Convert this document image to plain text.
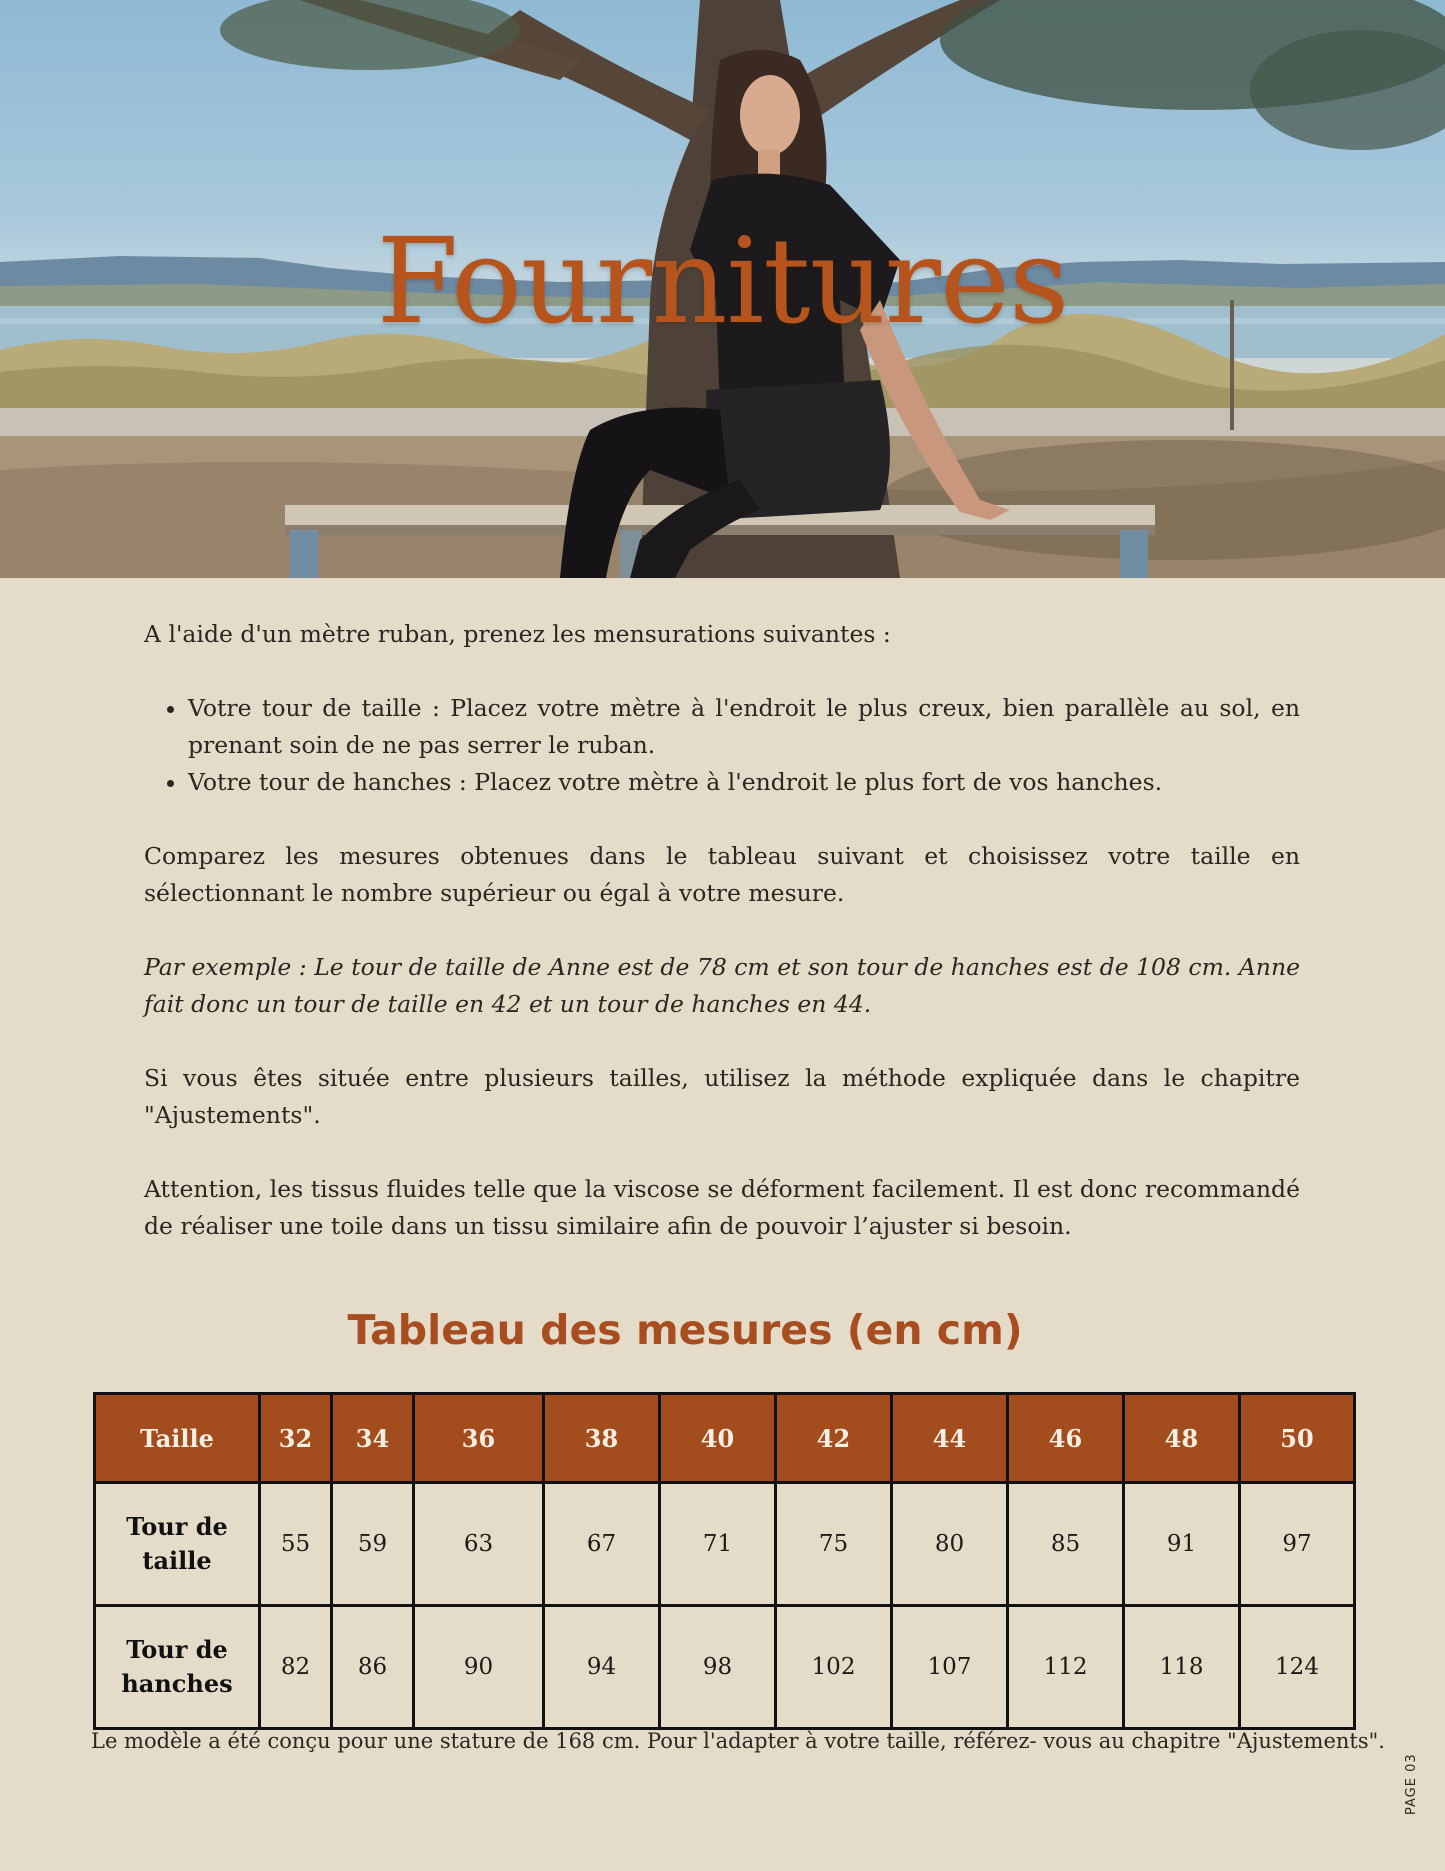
Fournitures

A l'aide d'un mètre ruban, prenez les mensurations suivantes :

• Votre tour de taille : Placez votre mètre à l'endroit le plus creux, bien parallèle au sol, en prenant soin de ne pas serrer le ruban.
• Votre tour de hanches : Placez votre mètre à l'endroit le plus fort de vos hanches.

Comparez les mesures obtenues dans le tableau suivant et choisissez votre taille en sélectionnant le nombre supérieur ou égal à votre mesure.

Par exemple : Le tour de taille de Anne est de 78 cm et son tour de hanches est de 108 cm. Anne fait donc un tour de taille en 42 et un tour de hanches en 44.

Si vous êtes située entre plusieurs tailles, utilisez la méthode expliquée dans le chapitre "Ajustements".

Attention, les tissus fluides telle que la viscose se déforment facilement. Il est donc recommandé de réaliser une toile dans un tissu similaire afin de pouvoir l’ajuster si besoin.

Tableau des mesures (en cm)
Taille	32	34	36	38	40	42	44	46	48	50
Tour de
taille	55	59	63	67	71	75	80	85	91	97
Tour de
hanches	82	86	90	94	98	102	107	112	118	124
Le modèle a été conçu pour une stature de 168 cm. Pour l'adapter à votre taille, référez- vous au chapitre "Ajustements".
PAGE 03
